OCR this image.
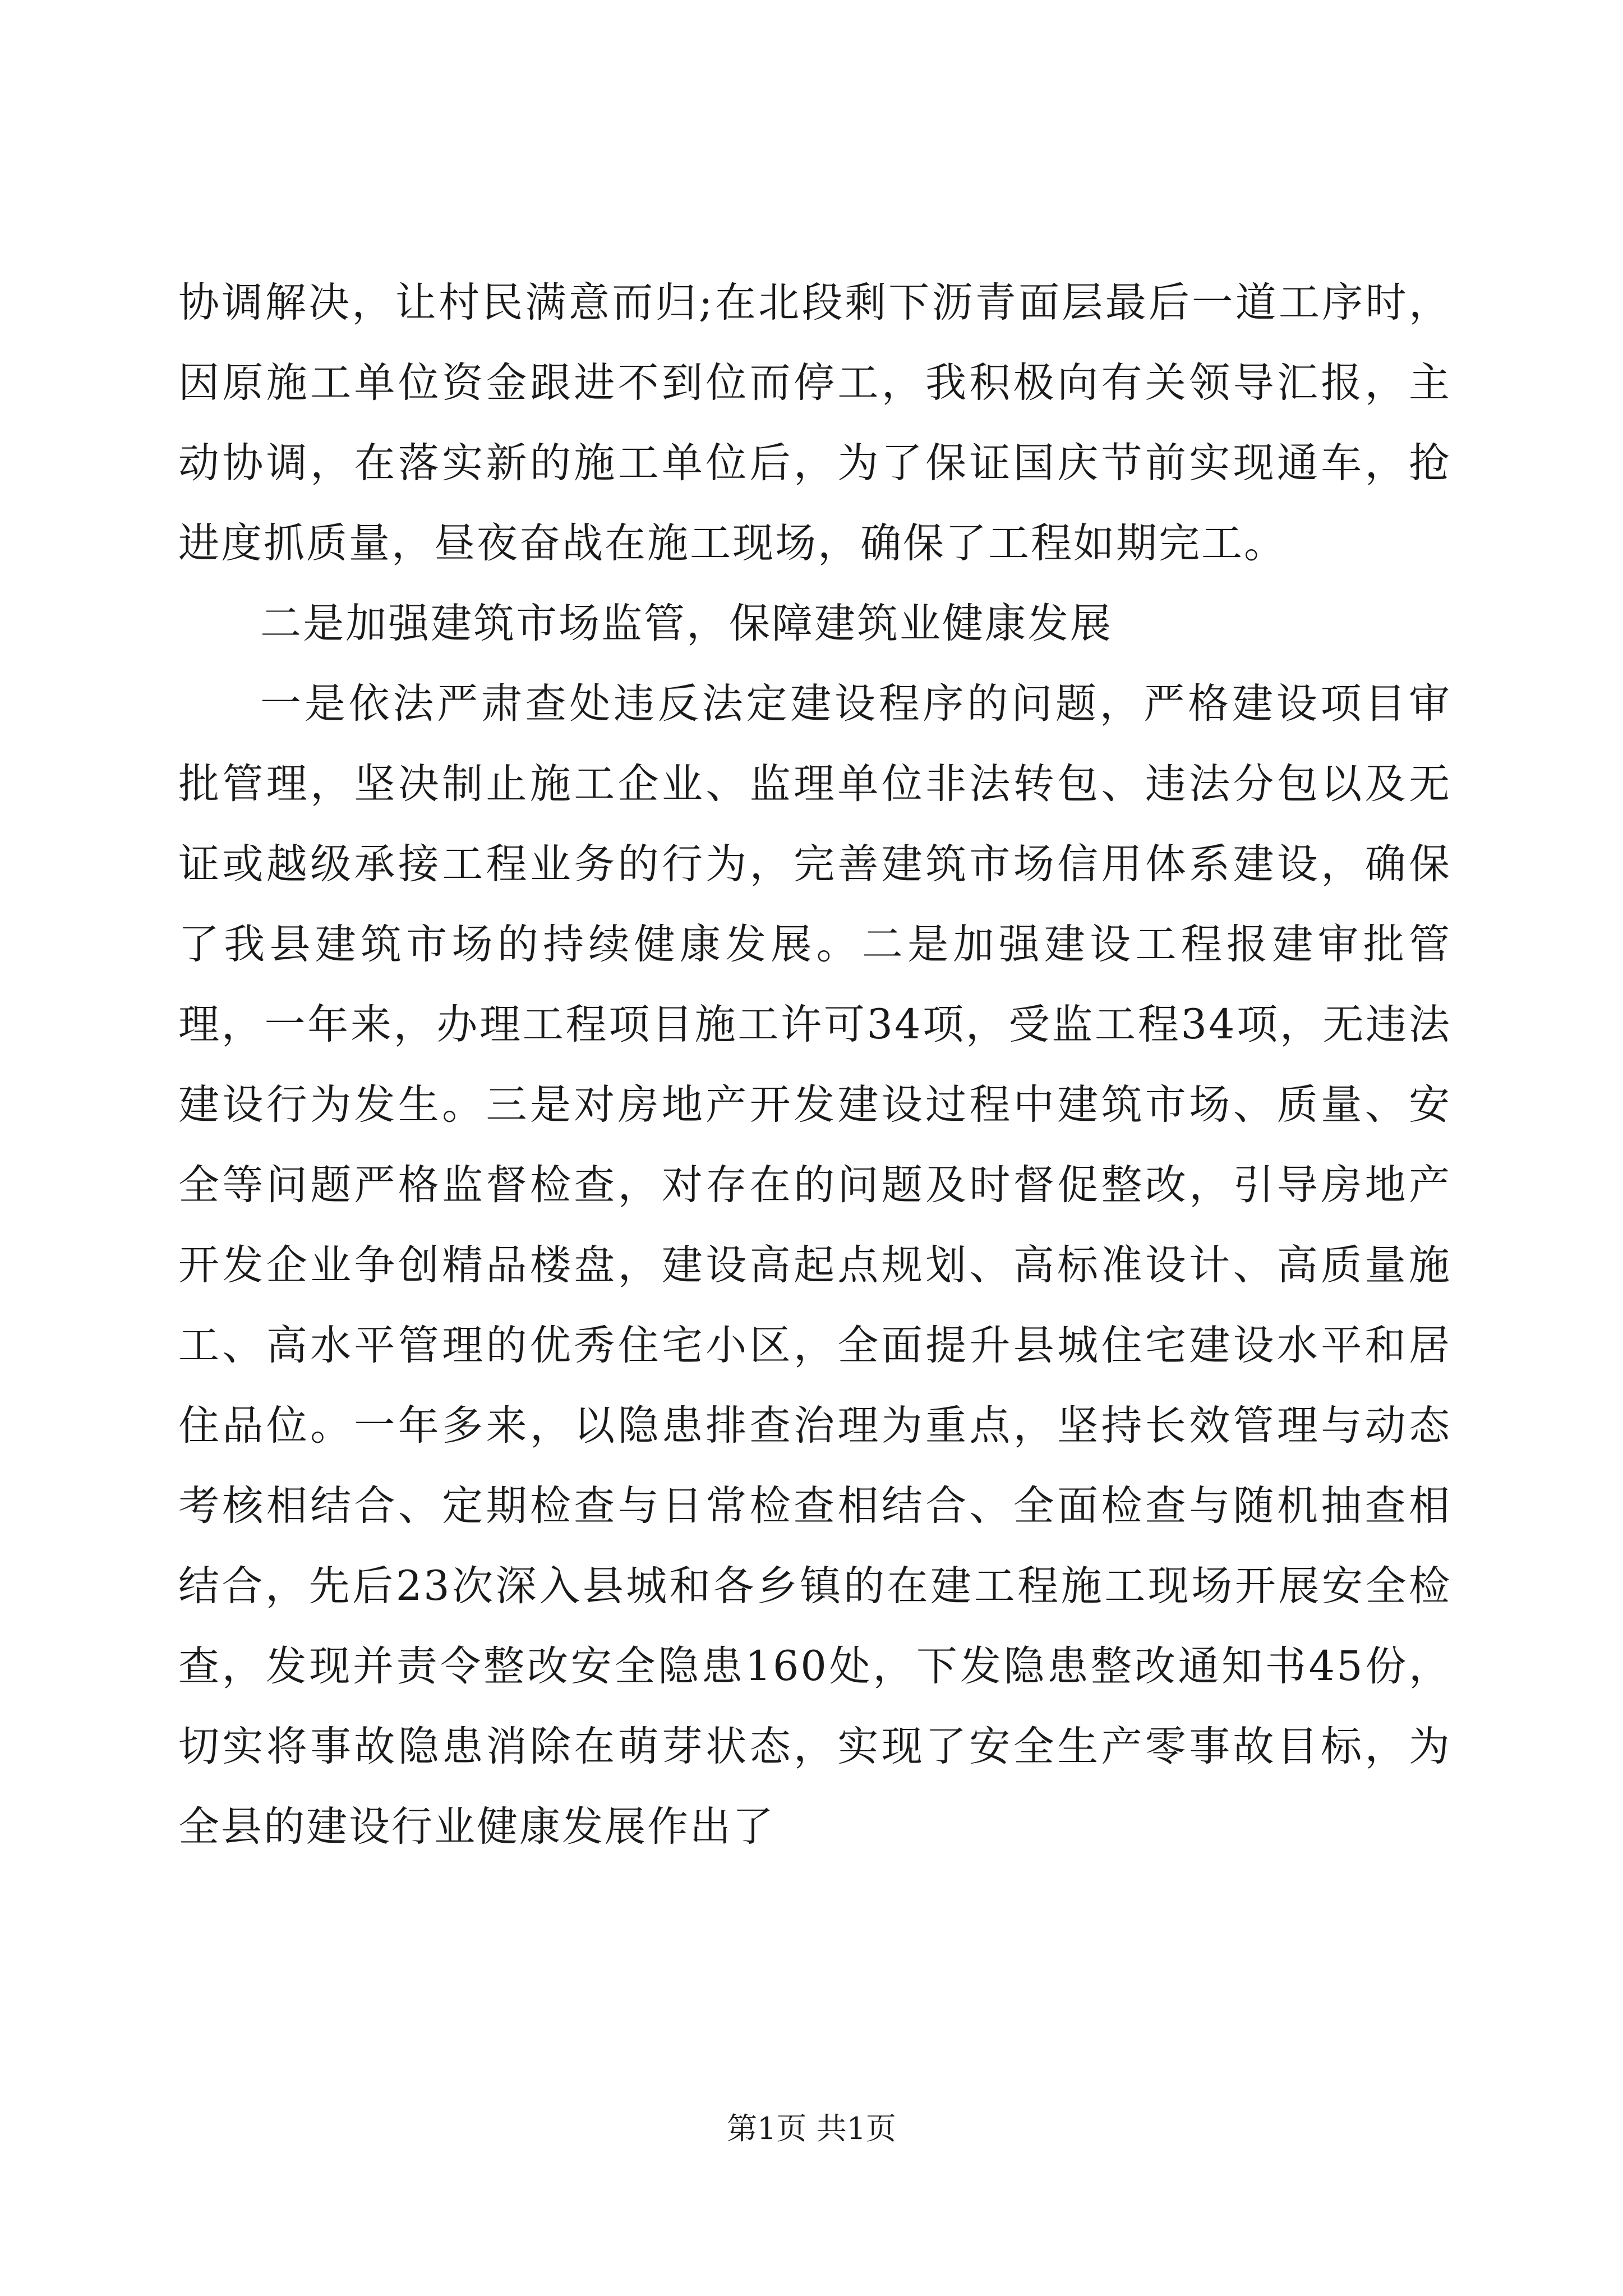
协调解决，让村民满意而归;在北段剩下沥青面层最后一道工序时，因原施工单位资金跟进不到位而停工，我积极向有关领导汇报，主动协调，在落实新的施工单位后，为了保证国庆节前实现通车，抢进度抓质量，昼夜奋战在施工现场，确保了工程如期完工。

二是加强建筑市场监管，保障建筑业健康发展

一是依法严肃查处违反法定建设程序的问题，严格建设项目审批管理，坚决制止施工企业、监理单位非法转包、违法分包以及无证或越级承接工程业务的行为，完善建筑市场信用体系建设，确保了我县建筑市场的持续健康发展。二是加强建设工程报建审批管理，一年来，办理工程项目施工许可34项，受监工程34项，无违法建设行为发生。三是对房地产开发建设过程中建筑市场、质量、安全等问题严格监督检查，对存在的问题及时督促整改，引导房地产开发企业争创精品楼盘，建设高起点规划、高标准设计、高质量施工、高水平管理的优秀住宅小区，全面提升县城住宅建设水平和居住品位。一年多来，以隐患排查治理为重点，坚持长效管理与动态考核相结合、定期检查与日常检查相结合、全面检查与随机抽查相结合，先后23次深入县城和各乡镇的在建工程施工现场开展安全检查，发现并责令整改安全隐患160处，下发隐患整改通知书45份，切实将事故隐患消除在萌芽状态，实现了安全生产零事故目标，为全县的建设行业健康发展作出了

第1页 共1页
